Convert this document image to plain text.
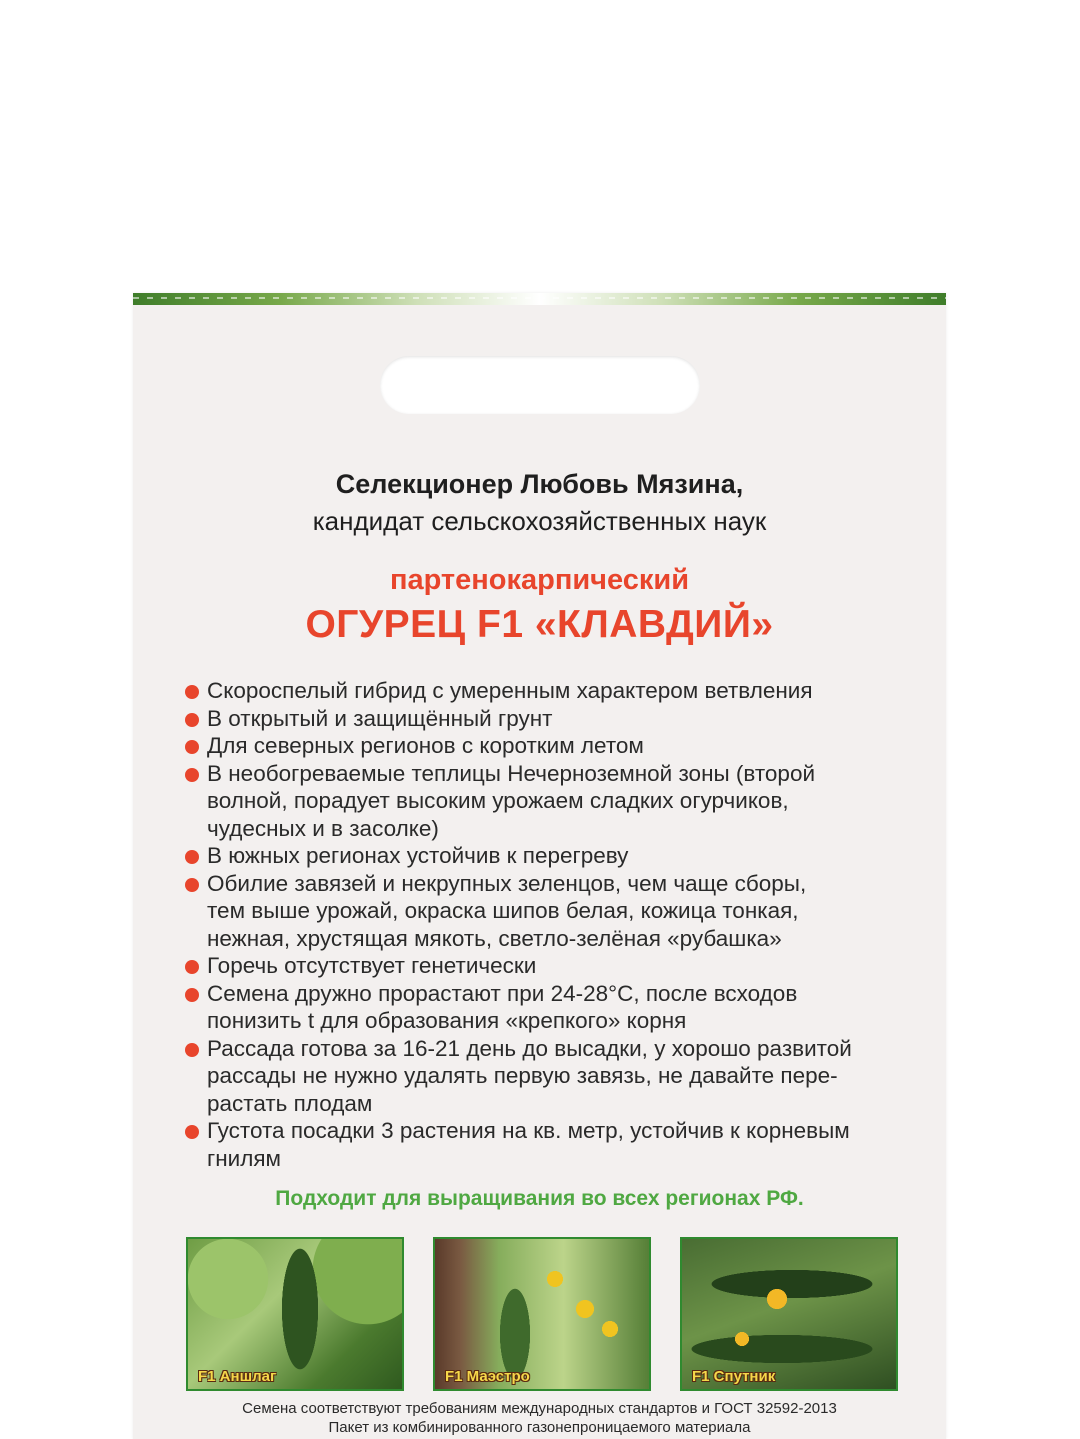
Селекционер Любовь Мязина,
кандидат сельскохозяйственных наук
партенокарпический
ОГУРЕЦ F1 «КЛАВДИЙ»
Скороспелый гибрид с умеренным характером ветвления
В открытый и защищённый грунт
Для северных регионов с коротким летом
В необогреваемые теплицы Нечерноземной зоны (второй
волной, порадует высоким урожаем сладких огурчиков,
чудесных и в засолке)
В южных регионах устойчив к перегреву
Обилие завязей и некрупных зеленцов, чем чаще сборы,
тем выше урожай, окраска шипов белая, кожица тонкая,
нежная, хрустящая мякоть, светло-зелёная «рубашка»
Горечь отсутствует генетически
Семена дружно прорастают при 24-28°С, после всходов
понизить t для образования «крепкого» корня
Рассада готова за 16-21 день до высадки, у хорошо развитой
рассады не нужно удалять первую завязь, не давайте пере-
растать плодам
Густота посадки 3 растения на кв. метр, устойчив к корневым
гнилям
Подходит для выращивания во всех регионах РФ.
F1 Аншлаг	F1 Маэстро	F1 Спутник
Семена соответствуют требованиям международных стандартов и ГОСТ 32592-2013
Пакет из комбинированного газонепроницаемого материала
